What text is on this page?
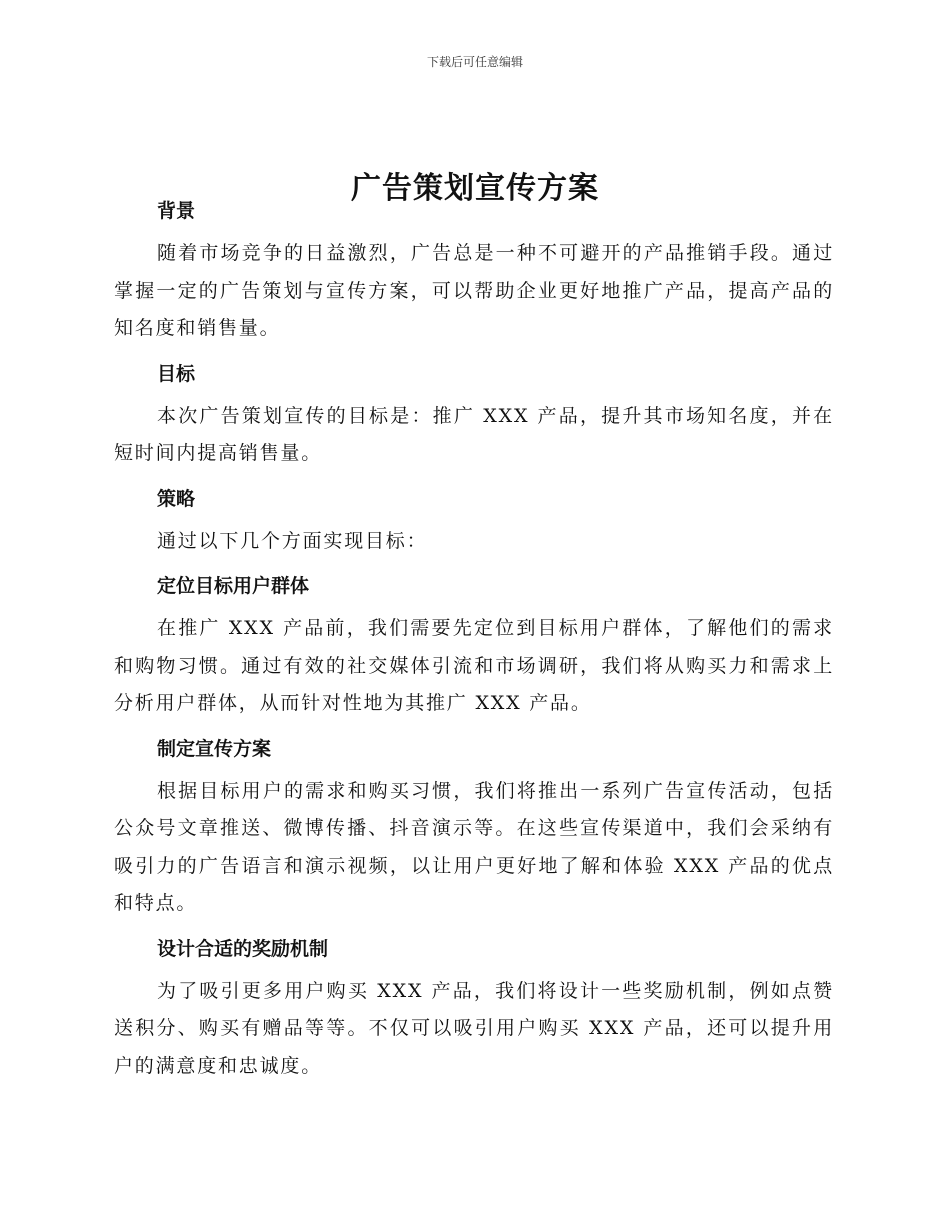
下载后可任意编辑
广告策划宣传方案
背景

随着市场竞争的日益激烈，广告总是一种不可避开的产品推销手段。通过掌握一定的广告策划与宣传方案，可以帮助企业更好地推广产品，提高产品的知名度和销售量。

目标

本次广告策划宣传的目标是：推广 XXX 产品，提升其市场知名度，并在短时间内提高销售量。

策略

通过以下几个方面实现目标：

定位目标用户群体

在推广 XXX 产品前，我们需要先定位到目标用户群体，了解他们的需求和购物习惯。通过有效的社交媒体引流和市场调研，我们将从购买力和需求上分析用户群体，从而针对性地为其推广 XXX 产品。

制定宣传方案

根据目标用户的需求和购买习惯，我们将推出一系列广告宣传活动，包括公众号文章推送、微博传播、抖音演示等。在这些宣传渠道中，我们会采纳有吸引力的广告语言和演示视频，以让用户更好地了解和体验 XXX 产品的优点和特点。

设计合适的奖励机制

为了吸引更多用户购买 XXX 产品，我们将设计一些奖励机制，例如点赞送积分、购买有赠品等等。不仅可以吸引用户购买 XXX 产品，还可以提升用户的满意度和忠诚度。
